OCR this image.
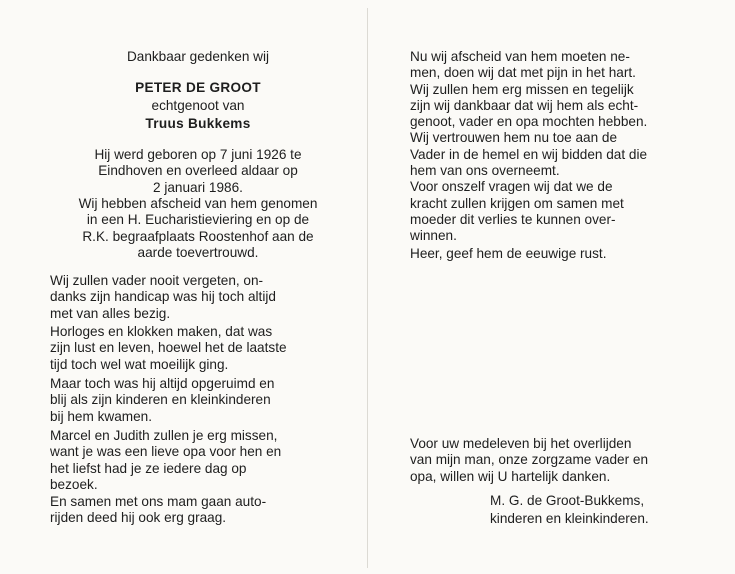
Dankbaar gedenken wij

PETER DE GROOT

echtgenoot van

Truus Bukkems

Hij werd geboren op 7 juni 1926 te

Eindhoven en overleed aldaar op

2 januari 1986.

Wij hebben afscheid van hem genomen

in een H. Eucharistieviering en op de

R.K. begraafplaats Roostenhof aan de

aarde toevertrouwd.

Wij zullen vader nooit vergeten, on-

danks zijn handicap was hij toch altijd

met van alles bezig.

Horloges en klokken maken, dat was

zijn lust en leven, hoewel het de laatste

tijd toch wel wat moeilijk ging.

Maar toch was hij altijd opgeruimd en

blij als zijn kinderen en kleinkinderen

bij hem kwamen.

Marcel en Judith zullen je erg missen,

want je was een lieve opa voor hen en

het liefst had je ze iedere dag op

bezoek.

En samen met ons mam gaan auto-

rijden deed hij ook erg graag.

Nu wij afscheid van hem moeten ne-

men, doen wij dat met pijn in het hart.

Wij zullen hem erg missen en tegelijk

zijn wij dankbaar dat wij hem als echt-

genoot, vader en opa mochten hebben.

Wij vertrouwen hem nu toe aan de

Vader in de hemel en wij bidden dat die

hem van ons overneemt.

Voor onszelf vragen wij dat we de

kracht zullen krijgen om samen met

moeder dit verlies te kunnen over-

winnen.

Heer, geef hem de eeuwige rust.

Voor uw medeleven bij het overlijden

van mijn man, onze zorgzame vader en

opa, willen wij U hartelijk danken.

M. G. de Groot-Bukkems,

kinderen en kleinkinderen.
